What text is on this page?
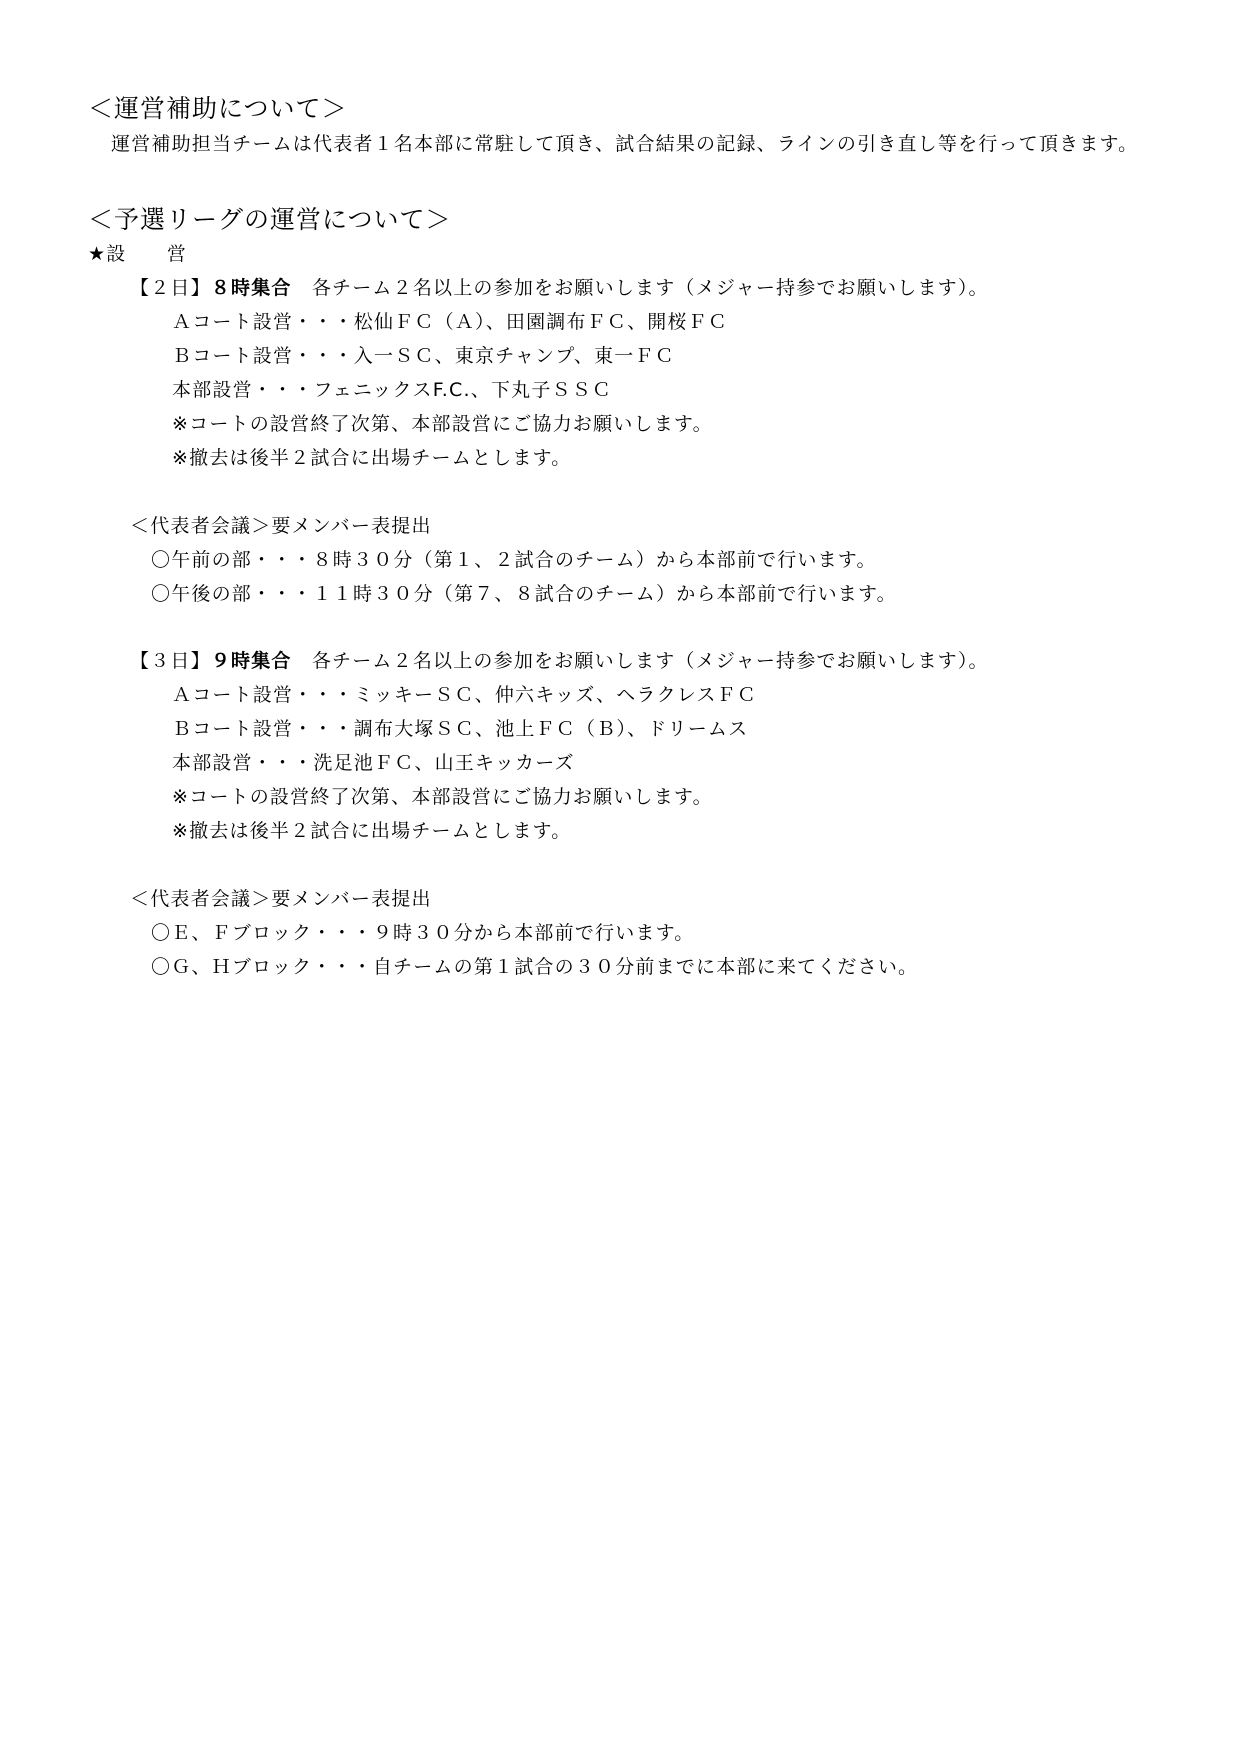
＜運営補助について＞
運営補助担当チームは代表者１名本部に常駐して頂き、試合結果の記録、ラインの引き直し等を行って頂きます。
＜予選リーグの運営について＞
★設　　営
【２日】８時集合　各チーム２名以上の参加をお願いします（メジャー持参でお願いします）。
Ａコート設営・・・松仙ＦＣ（Ａ）、田園調布ＦＣ、開桜ＦＣ
Ｂコート設営・・・入一ＳＣ、東京チャンプ、東一ＦＣ
本部設営・・・フェニックスF.C.、下丸子ＳＳＣ
※コートの設営終了次第、本部設営にご協力お願いします。
※撤去は後半２試合に出場チームとします。
＜代表者会議＞要メンバー表提出
〇午前の部・・・８時３０分（第１、２試合のチーム）から本部前で行います。
〇午後の部・・・１１時３０分（第７、８試合のチーム）から本部前で行います。
【３日】９時集合　各チーム２名以上の参加をお願いします（メジャー持参でお願いします）。
Ａコート設営・・・ミッキーＳＣ、仲六キッズ、ヘラクレスＦＣ
Ｂコート設営・・・調布大塚ＳＣ、池上ＦＣ（Ｂ）、ドリームス
本部設営・・・洗足池ＦＣ、山王キッカーズ
※コートの設営終了次第、本部設営にご協力お願いします。
※撤去は後半２試合に出場チームとします。
＜代表者会議＞要メンバー表提出
〇Ｅ、Ｆブロック・・・９時３０分から本部前で行います。
〇Ｇ、Ｈブロック・・・自チームの第１試合の３０分前までに本部に来てください。
